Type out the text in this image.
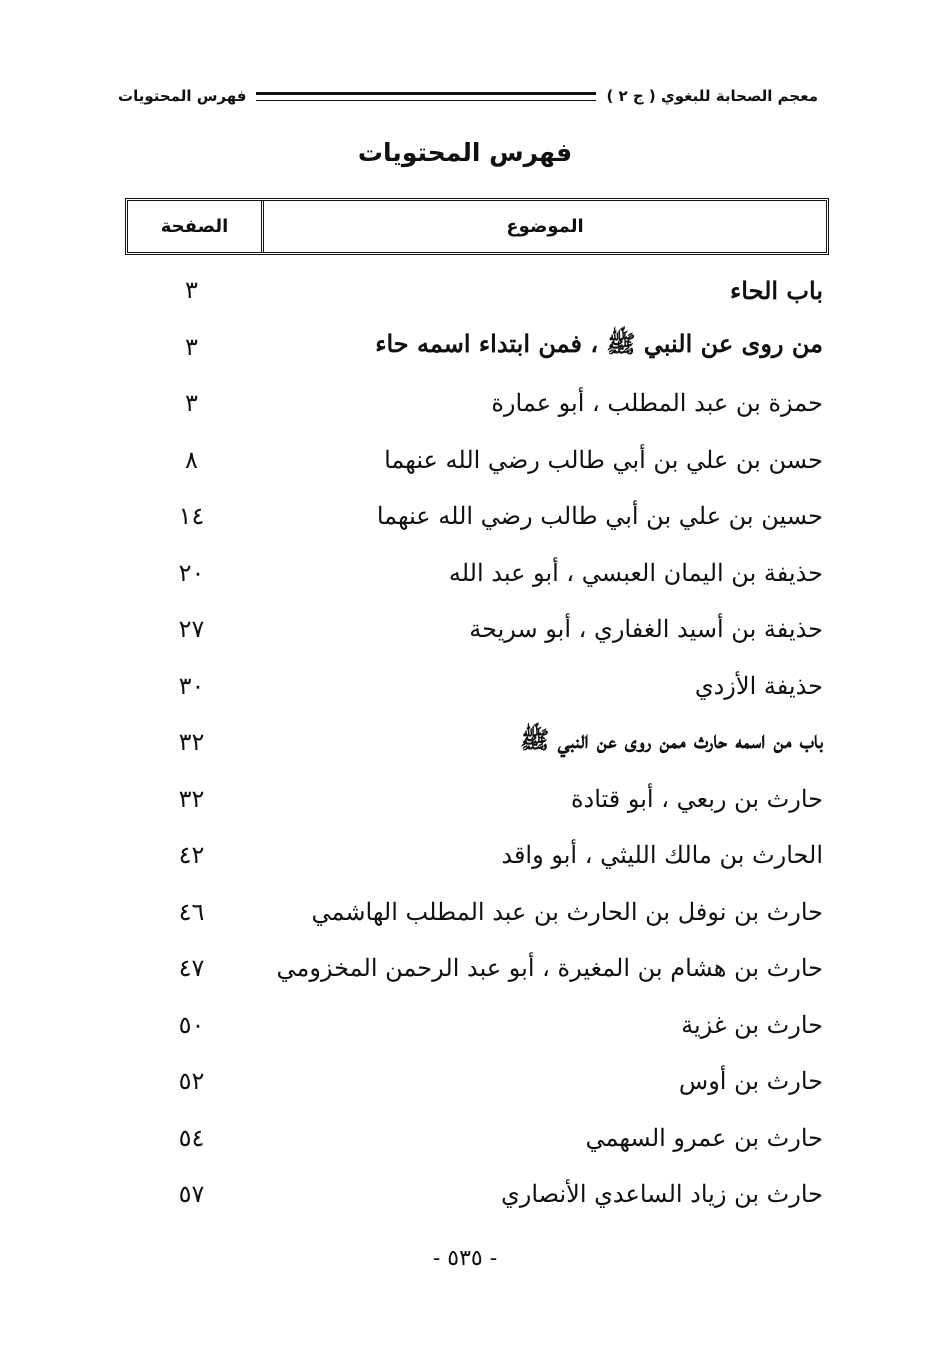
معجم الصحابة للبغوي ( ج ٢ )
فهرس المحتويات
فهرس المحتويات
الموضوع
الصفحة
باب الحاء
٣
من روى عن النبي ﷺ ، فمن ابتداء اسمه حاء
٣
حمزة بن عبد المطلب ، أبو عمارة
٣
حسن بن علي بن أبي طالب رضي الله عنهما
٨
حسين بن علي بن أبي طالب رضي الله عنهما
١٤
حذيفة بن اليمان العبسي ، أبو عبد الله
٢٠
حذيفة بن أسيد الغفاري ، أبو سريحة
٢٧
حذيفة الأزدي
٣٠
باب من اسمه حارث ممن روى عن النبي ﷺ
٣٢
حارث بن ربعي ، أبو قتادة
٣٢
الحارث بن مالك الليثي ، أبو واقد
٤٢
حارث بن نوفل بن الحارث بن عبد المطلب الهاشمي
٤٦
حارث بن هشام بن المغيرة ، أبو عبد الرحمن المخزومي
٤٧
حارث بن غزية
٥٠
حارث بن أوس
٥٢
حارث بن عمرو السهمي
٥٤
حارث بن زياد الساعدي الأنصاري
٥٧
- ٥٣٥ -
